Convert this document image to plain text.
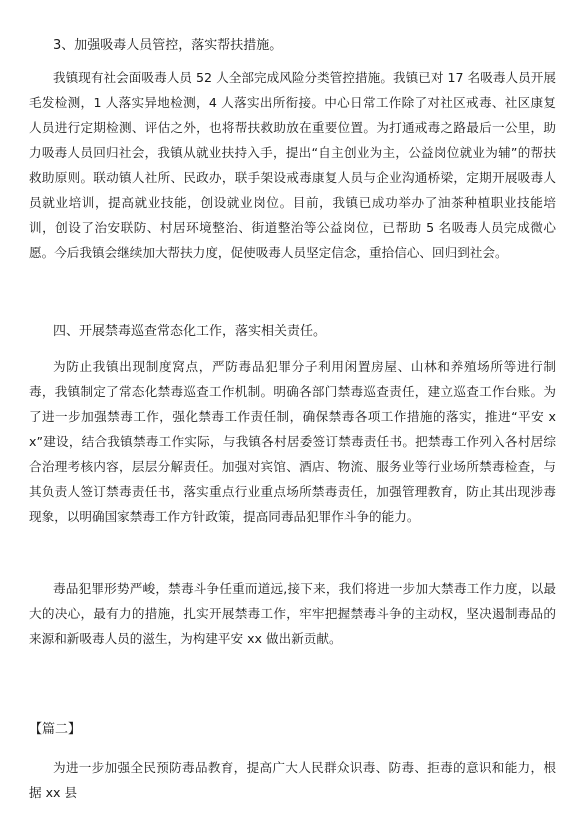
3、加强吸毒人员管控，落实帮扶措施。

我镇现有社会面吸毒人员 52 人全部完成风险分类管控措施。我镇已对 17 名吸毒人员开展毛发检测，1 人落实异地检测，4 人落实出所衔接。中心日常工作除了对社区戒毒、社区康复人员进行定期检测、评估之外，也将帮扶救助放在重要位置。为打通戒毒之路最后一公里，助力吸毒人员回归社会，我镇从就业扶持入手，提出“自主创业为主，公益岗位就业为辅”的帮扶救助原则。联动镇人社所、民政办，联手架设戒毒康复人员与企业沟通桥梁，定期开展吸毒人员就业培训，提高就业技能，创设就业岗位。目前，我镇已成功举办了油茶种植职业技能培训，创设了治安联防、村居环境整治、街道整治等公益岗位，已帮助 5 名吸毒人员完成微心愿。今后我镇会继续加大帮扶力度，促使吸毒人员坚定信念，重拾信心、回归到社会。

四、开展禁毒巡查常态化工作，落实相关责任。

为防止我镇出现制度窝点，严防毒品犯罪分子利用闲置房屋、山林和养殖场所等进行制毒，我镇制定了常态化禁毒巡查工作机制。明确各部门禁毒巡查责任，建立巡查工作台账。为了进一步加强禁毒工作，强化禁毒工作责任制，确保禁毒各项工作措施的落实，推进“平安 xx”建设，结合我镇禁毒工作实际，与我镇各村居委签订禁毒责任书。把禁毒工作列入各村居综合治理考核内容，层层分解责任。加强对宾馆、酒店、物流、服务业等行业场所禁毒检查，与其负责人签订禁毒责任书，落实重点行业重点场所禁毒责任，加强管理教育，防止其出现涉毒现象，以明确国家禁毒工作方针政策，提高同毒品犯罪作斗争的能力。

毒品犯罪形势严峻，禁毒斗争任重而道远,接下来，我们将进一步加大禁毒工作力度，以最大的决心，最有力的措施，扎实开展禁毒工作，牢牢把握禁毒斗争的主动权，坚决遏制毒品的来源和新吸毒人员的滋生，为构建平安 xx 做出新贡献。

【篇二】

为进一步加强全民预防毒品教育，提高广大人民群众识毒、防毒、拒毒的意识和能力，根据 xx 县
